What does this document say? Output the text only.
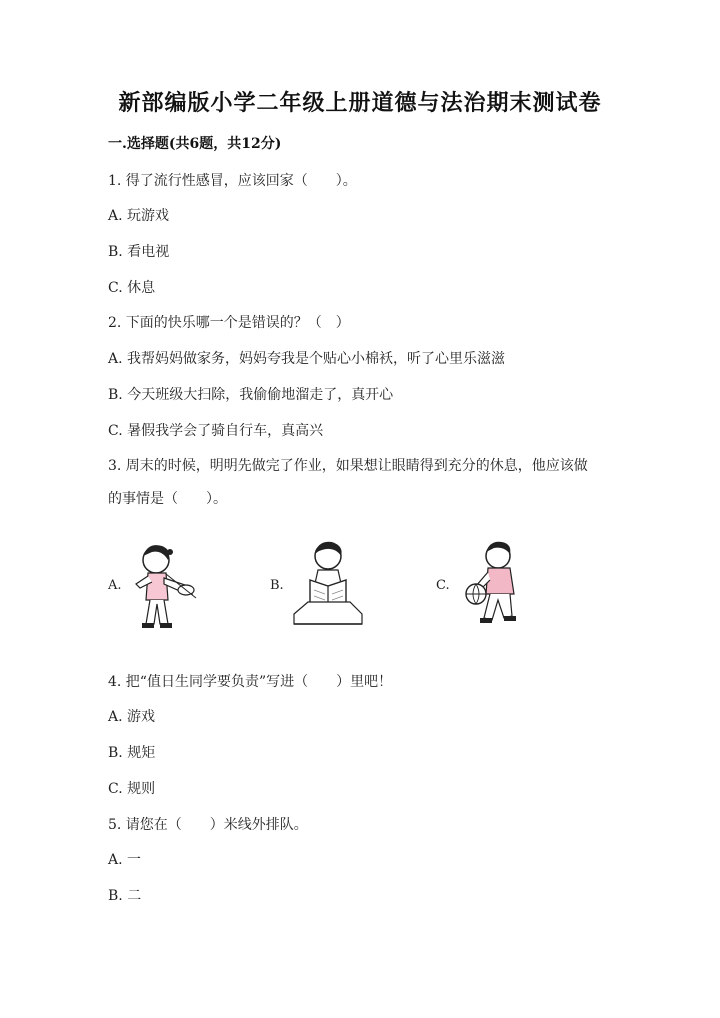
新部编版小学二年级上册道德与法治期末测试卷
一.选择题(共6题，共12分)
1. 得了流行性感冒，应该回家（　　）。
A. 玩游戏
B. 看电视
C. 休息
2. 下面的快乐哪一个是错误的？（　）
A. 我帮妈妈做家务，妈妈夸我是个贴心小棉袄，听了心里乐滋滋
B. 今天班级大扫除，我偷偷地溜走了，真开心
C. 暑假我学会了骑自行车，真高兴
3. 周末的时候，明明先做完了作业，如果想让眼睛得到充分的休息，他应该做
的事情是（　　）。
A.	B.	C.
4. 把“值日生同学要负责”写进（　　）里吧！
A. 游戏
B. 规矩
C. 规则
5. 请您在（　　）米线外排队。
A. 一
B. 二
